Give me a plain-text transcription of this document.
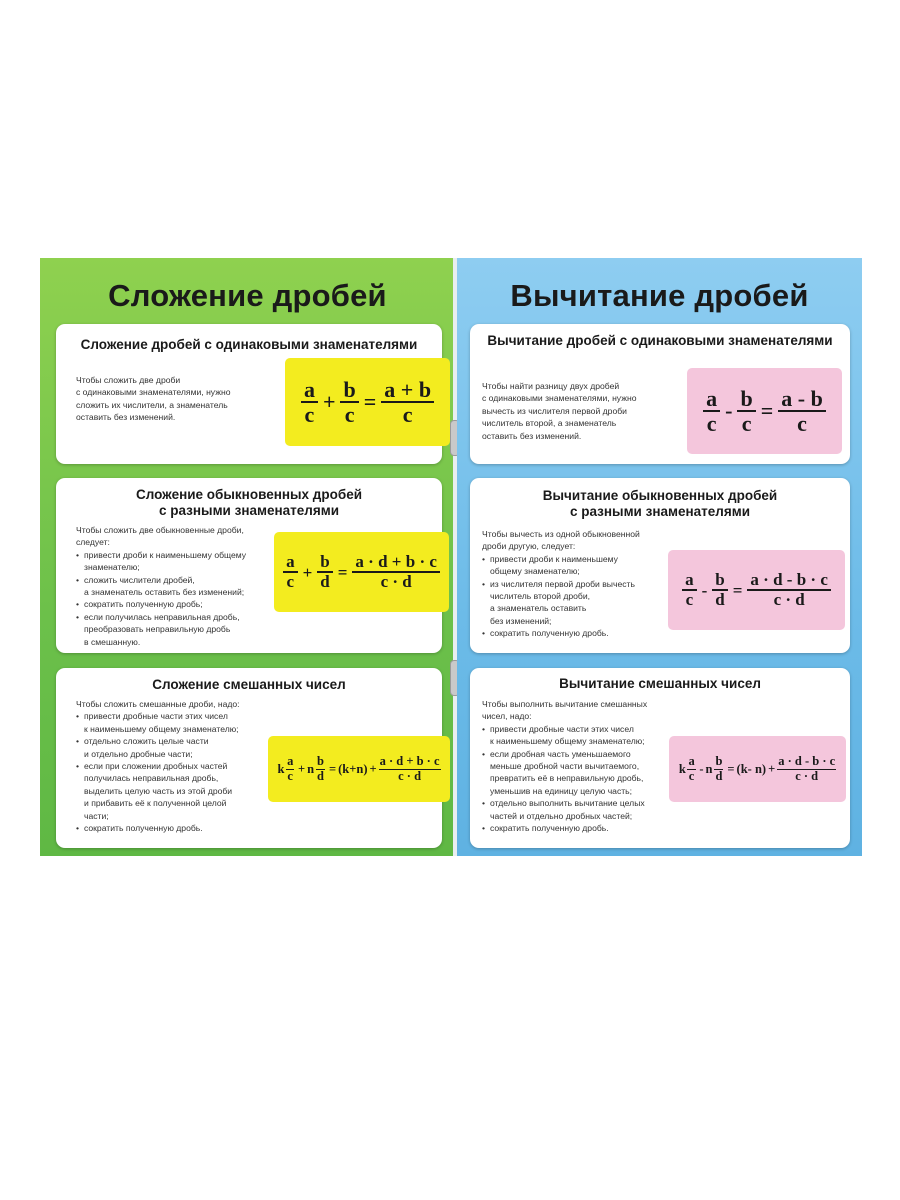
Сложение дробей
Сложение дробей с одинаковыми знаменателями
Чтобы сложить две дроби
с одинаковыми знаменателями, нужно
сложить их числители, а знаменатель
оставить без изменений.	$\frac{a}{c} + \frac{b}{c} = \frac{a + b}{c}$
Сложение обыкновенных дробей
с разными знаменателями
Чтобы сложить две обыкновенные дроби,
следует:
• привести дроби к наименьшему общему
знаменателю;
• сложить числители дробей,
а знаменатель оставить без изменений;
• сократить полученную дробь;
• если получилась неправильная дробь,
преобразовать неправильную дробь
в смешанную.
$\frac{a}{c} + \frac{b}{d} = \frac{a \cdot d + b \cdot c}{c \cdot d}$
Сложение смешанных чисел
Чтобы сложить смешанные дроби, надо:
• привести дробные части этих чисел
к наименьшему общему знаменателю;
• отдельно сложить целые части
и отдельно дробные части;
• если при сложении дробных частей
получилась неправильная дробь,
выделить целую часть из этой дроби
и прибавить её к полученной целой
части;
• сократить полученную дробь.
k $\frac{a}{c} + n \frac{b}{d} = (k+n) + \frac{a \cdot d + b \cdot c}{c \cdot d}$
Вычитание дробей
Вычитание дробей с одинаковыми знаменателями
Чтобы найти разницу двух дробей
с одинаковыми знаменателями, нужно
вычесть из числителя первой дроби
числитель второй, а знаменатель
оставить без изменений.
$\frac{a}{c} - \frac{b}{c} = \frac{a - b}{c}$
Вычитание обыкновенных дробей
с разными знаменателями
Чтобы вычесть из одной обыкновенной
дроби другую, следует:
• привести дроби к наименьшему
общему знаменателю;
• из числителя первой дроби вычесть
числитель второй дроби,
а знаменатель оставить
без изменений;
• сократить полученную дробь.
$\frac{a}{c} - \frac{b}{d} = \frac{a \cdot d - b \cdot c}{c \cdot d}$
Вычитание смешанных чисел
Чтобы выполнить вычитание смешанных
чисел, надо:
• привести дробные части этих чисел
к наименьшему общему знаменателю;
• если дробная часть уменьшаемого
меньше дробной части вычитаемого,
превратить её в неправильную дробь,
уменьшив на единицу целую часть;
• отдельно выполнить вычитание целых
частей и отдельно дробных частей;
• сократить полученную дробь.
k $\frac{a}{c} - n \frac{b}{d} = (k-$ $n) + \frac{a \cdot d - b \cdot c}{c \cdot d}$
